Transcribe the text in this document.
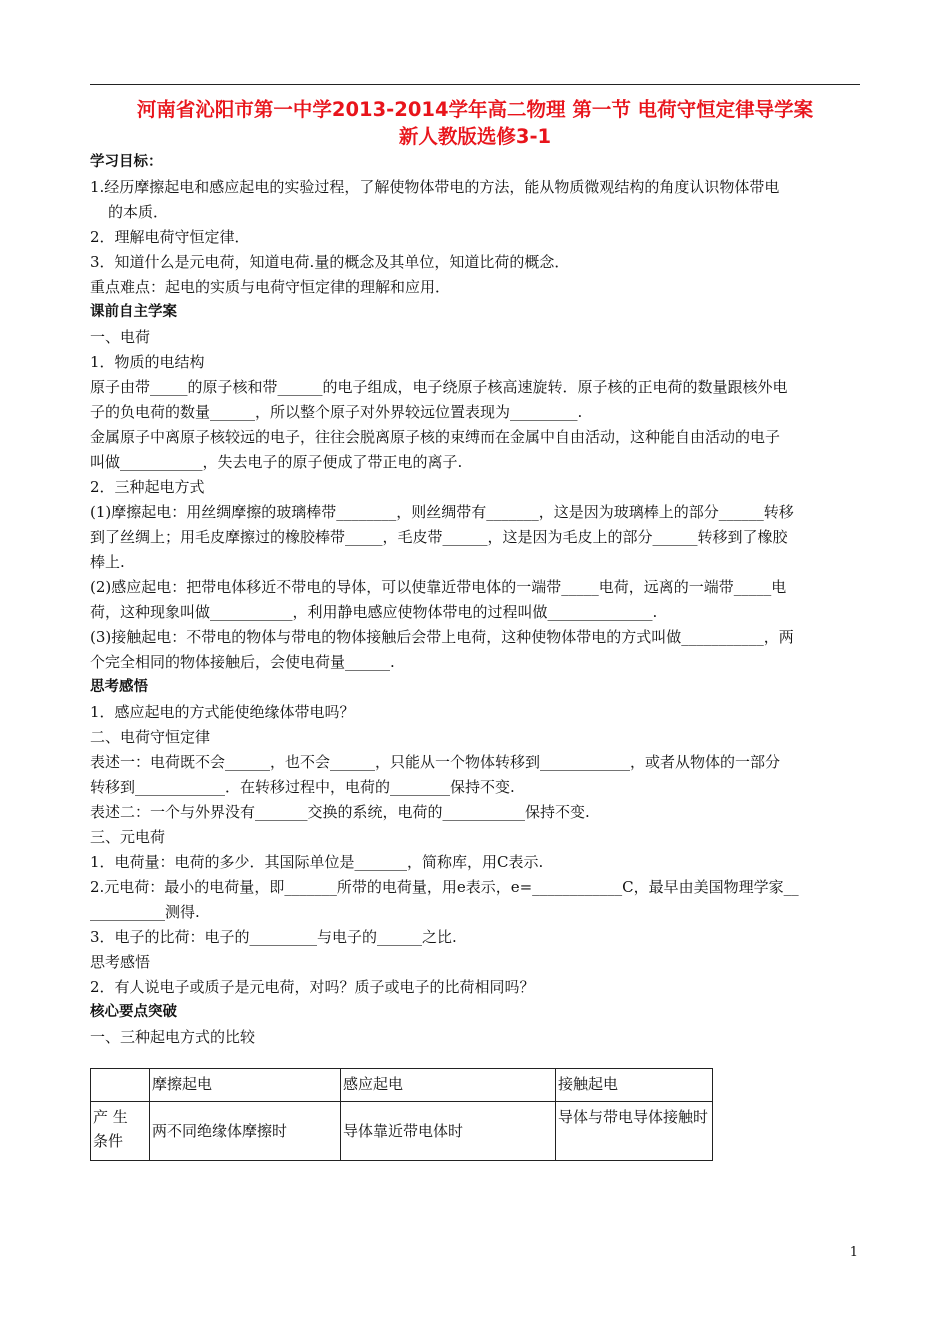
河南省沁阳市第一中学2013-2014学年高二物理 第一节 电荷守恒定律导学案
新人教版选修3-1

学习目标：

1.经历摩擦起电和感应起电的实验过程，了解使物体带电的方法，能从物质微观结构的角度认识物体带电

的本质．

2．理解电荷守恒定律．

3．知道什么是元电荷，知道电荷.量的概念及其单位，知道比荷的概念．

重点难点：起电的实质与电荷守恒定律的理解和应用．

课前自主学案

一、电荷

1．物质的电结构

原子由带_____的原子核和带______的电子组成，电子绕原子核高速旋转．原子核的正电荷的数量跟核外电

子的负电荷的数量______，所以整个原子对外界较远位置表现为_________.

金属原子中离原子核较远的电子，往往会脱离原子核的束缚而在金属中自由活动，这种能自由活动的电子

叫做___________，失去电子的原子便成了带正电的离子.

2．三种起电方式

(1)摩擦起电：用丝绸摩擦的玻璃棒带________，则丝绸带有_______，这是因为玻璃棒上的部分______转移

到了丝绸上；用毛皮摩擦过的橡胶棒带_____，毛皮带______，这是因为毛皮上的部分______转移到了橡胶

棒上.

(2)感应起电：把带电体移近不带电的导体，可以使靠近带电体的一端带_____电荷，远离的一端带_____电

荷，这种现象叫做___________，利用静电感应使物体带电的过程叫做______________.

(3)接触起电：不带电的物体与带电的物体接触后会带上电荷，这种使物体带电的方式叫做___________，两

个完全相同的物体接触后，会使电荷量______.

思考感悟

1．感应起电的方式能使绝缘体带电吗？

二、电荷守恒定律

表述一：电荷既不会______，也不会______，只能从一个物体转移到____________，或者从物体的一部分

转移到____________．在转移过程中，电荷的________保持不变.

表述二：一个与外界没有_______交换的系统，电荷的___________保持不变.

三、元电荷

1．电荷量：电荷的多少．其国际单位是_______，简称库，用C表示.

2.元电荷：最小的电荷量，即_______所带的电荷量，用e表示，e=____________C，最早由美国物理学家__

__________测得.

3．电子的比荷：电子的_________与电子的______之比.

思考感悟

2．有人说电子或质子是元电荷，对吗？质子或电子的比荷相同吗？

核心要点突破

一、三种起电方式的比较

	摩擦起电	感应起电	接触起电
产 生 条件	两不同绝缘体摩擦时	导体靠近带电体时	导体与带电导体接触时
1
